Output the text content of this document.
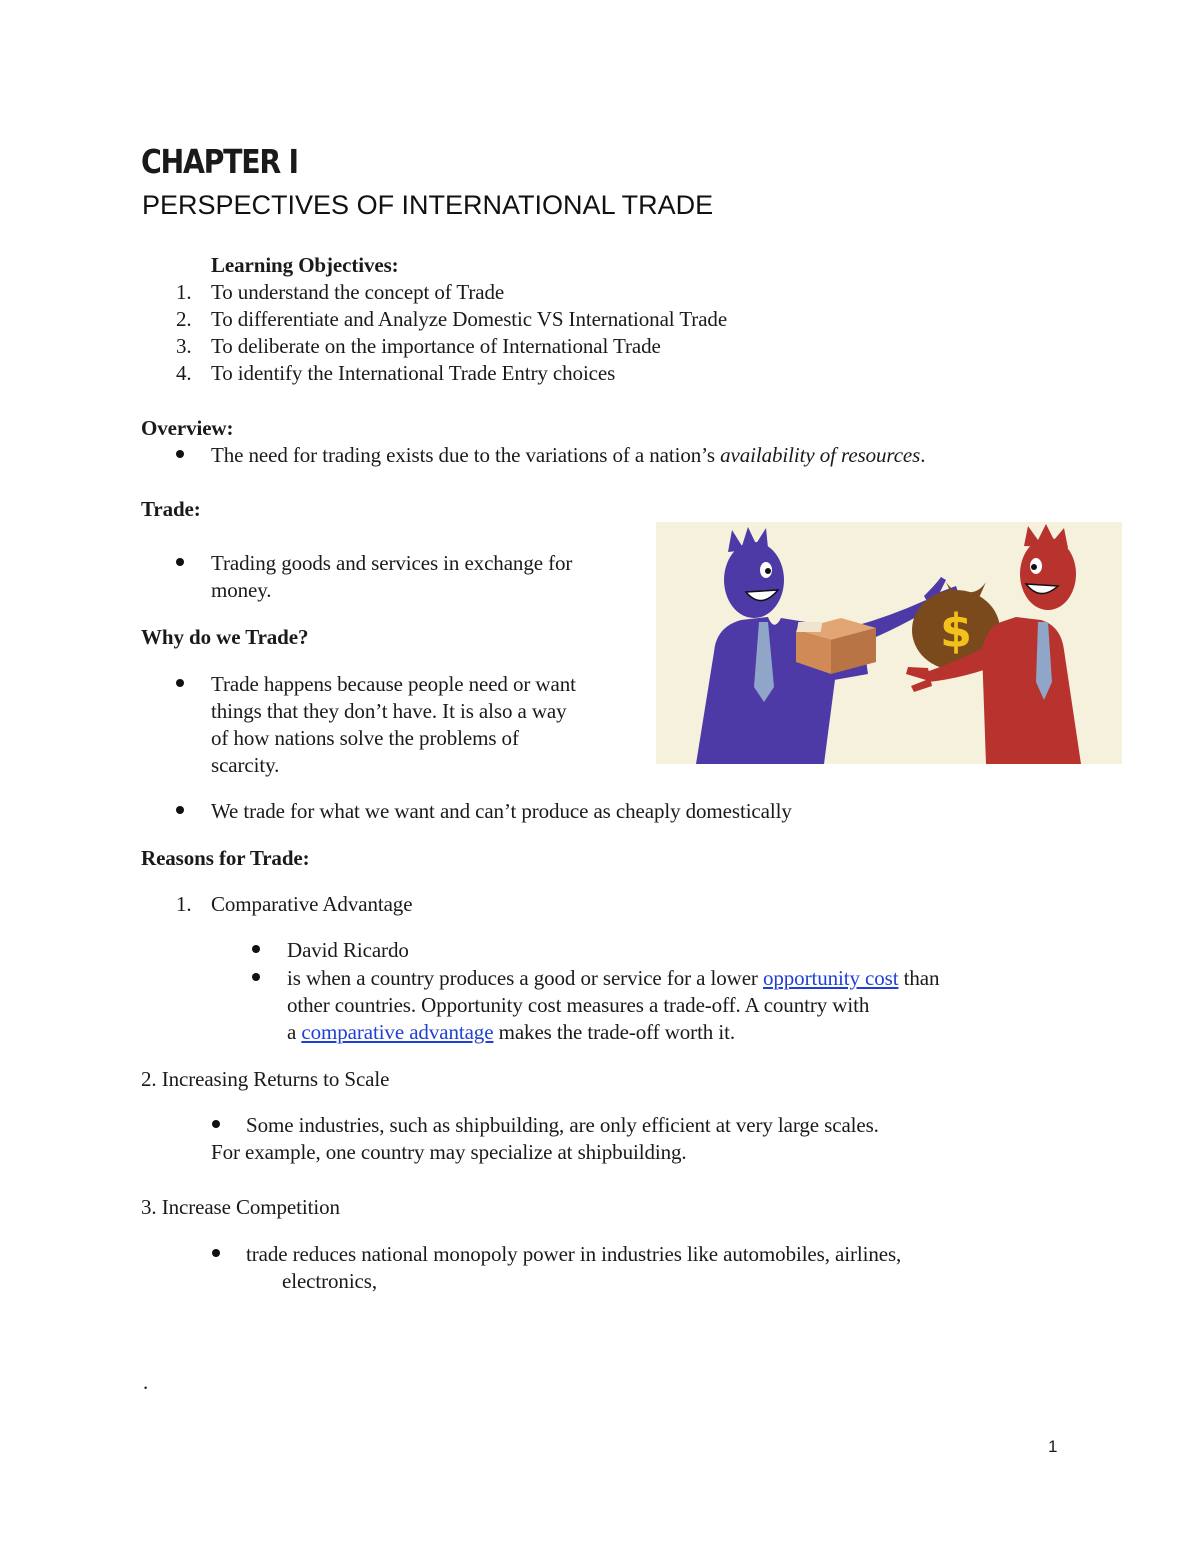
CHAPTER I
PERSPECTIVES OF INTERNATIONAL TRADE
Learning Objectives:
1. To understand the concept of Trade
2. To differentiate and Analyze Domestic VS International Trade
3. To deliberate on the importance of International Trade
4. To identify the International Trade Entry choices
Overview:
The need for trading exists due to the variations of a nation’s availability of resources.
Trade:
Trading goods and services in exchange for
money.
Why do we Trade?
Trade happens because people need or want
things that they don’t have. It is also a way
of how nations solve the problems of
scarcity.
We trade for what we want and can’t produce as cheaply domestically
$
Reasons for Trade:
1. Comparative Advantage
David Ricardo
is when a country produces a good or service for a lower opportunity cost than
other countries. Opportunity cost measures a trade-off. A country with
a comparative advantage makes the trade-off worth it.
2. Increasing Returns to Scale
Some industries, such as shipbuilding, are only efficient at very large scales.
For example, one country may specialize at shipbuilding.
3. Increase Competition
trade reduces national monopoly power in industries like automobiles, airlines,
electronics,
.
1
